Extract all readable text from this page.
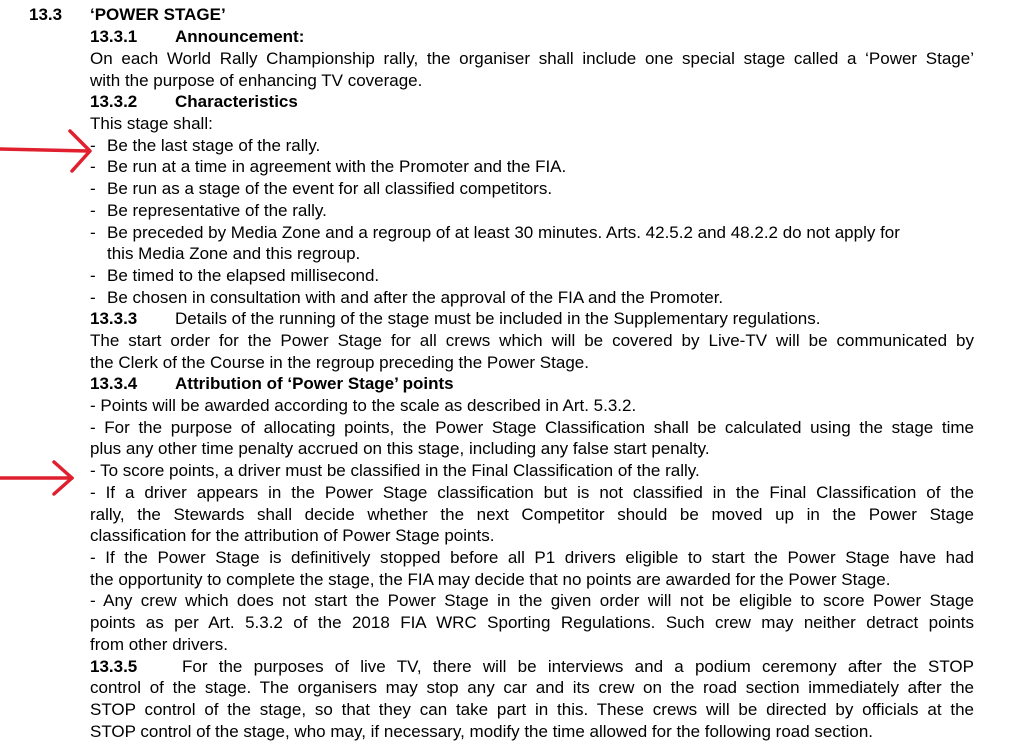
13.3 ‘POWER STAGE’
13.3.1 Announcement:
On each World Rally Championship rally, the organiser shall include one special stage called a ‘Power Stage’
with the purpose of enhancing TV coverage.
13.3.2 Characteristics
This stage shall:
- Be the last stage of the rally.
- Be run at a time in agreement with the Promoter and the FIA.
- Be run as a stage of the event for all classified competitors.
- Be representative of the rally.
- Be preceded by Media Zone and a regroup of at least 30 minutes. Arts. 42.5.2 and 48.2.2 do not apply for
this Media Zone and this regroup.
- Be timed to the elapsed millisecond.
- Be chosen in consultation with and after the approval of the FIA and the Promoter.
13.3.3 Details of the running of the stage must be included in the Supplementary regulations.
The start order for the Power Stage for all crews which will be covered by Live-TV will be communicated by
the Clerk of the Course in the regroup preceding the Power Stage.
13.3.4 Attribution of ‘Power Stage’ points
- Points will be awarded according to the scale as described in Art. 5.3.2.
- For the purpose of allocating points, the Power Stage Classification shall be calculated using the stage time
plus any other time penalty accrued on this stage, including any false start penalty.
- To score points, a driver must be classified in the Final Classification of the rally.
- If a driver appears in the Power Stage classification but is not classified in the Final Classification of the
rally, the Stewards shall decide whether the next Competitor should be moved up in the Power Stage
classification for the attribution of Power Stage points.
- If the Power Stage is definitively stopped before all P1 drivers eligible to start the Power Stage have had
the opportunity to complete the stage, the FIA may decide that no points are awarded for the Power Stage.
- Any crew which does not start the Power Stage in the given order will not be eligible to score Power Stage
points as per Art. 5.3.2 of the 2018 FIA WRC Sporting Regulations. Such crew may neither detract points
from other drivers.
13.3.5	For the purposes of live TV, there will be interviews and a podium ceremony after the STOP
control of the stage. The organisers may stop any car and its crew on the road section immediately after the
STOP control of the stage, so that they can take part in this. These crews will be directed by officials at the
STOP control of the stage, who may, if necessary, modify the time allowed for the following road section.
